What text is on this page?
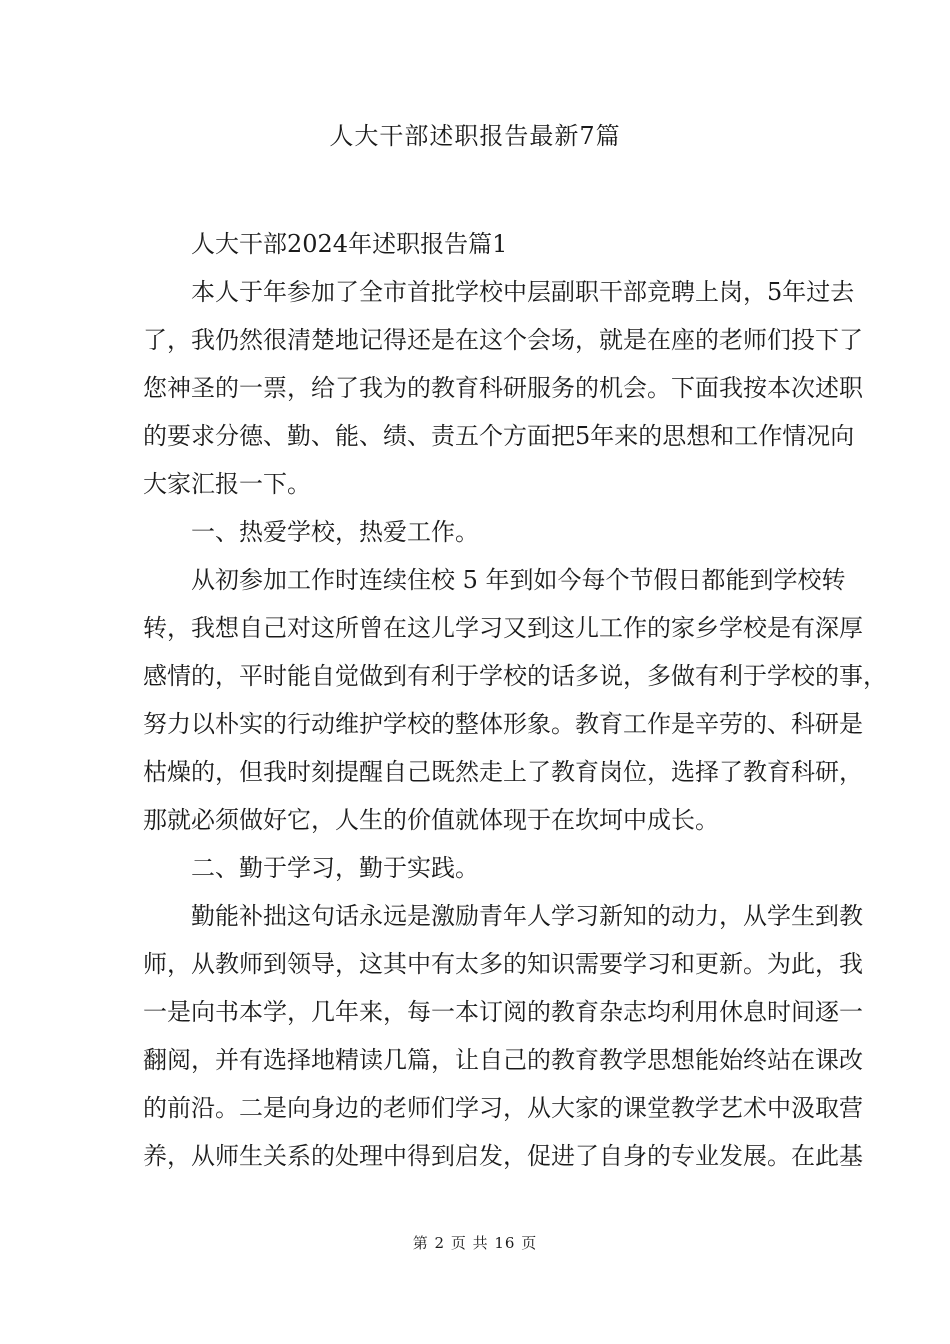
人大干部述职报告最新7篇

人大干部2024年述职报告篇1

本人于年参加了全市首批学校中层副职干部竞聘上岗，5年过去

了，我仍然很清楚地记得还是在这个会场，就是在座的老师们投下了

您神圣的一票，给了我为的教育科研服务的机会。下面我按本次述职

的要求分德、勤、能、绩、责五个方面把5年来的思想和工作情况向

大家汇报一下。

一、热爱学校，热爱工作。

从初参加工作时连续住校 5 年到如今每个节假日都能到学校转

转，我想自己对这所曾在这儿学习又到这儿工作的家乡学校是有深厚

感情的，平时能自觉做到有利于学校的话多说，多做有利于学校的事，

努力以朴实的行动维护学校的整体形象。教育工作是辛劳的、科研是

枯燥的，但我时刻提醒自己既然走上了教育岗位，选择了教育科研，

那就必须做好它，人生的价值就体现于在坎坷中成长。

二、勤于学习，勤于实践。

勤能补拙这句话永远是激励青年人学习新知的动力，从学生到教

师，从教师到领导，这其中有太多的知识需要学习和更新。为此，我

一是向书本学，几年来，每一本订阅的教育杂志均利用休息时间逐一

翻阅，并有选择地精读几篇，让自己的教育教学思想能始终站在课改

的前沿。二是向身边的老师们学习，从大家的课堂教学艺术中汲取营

养，从师生关系的处理中得到启发，促进了自身的专业发展。在此基

第 2 页 共 16 页
